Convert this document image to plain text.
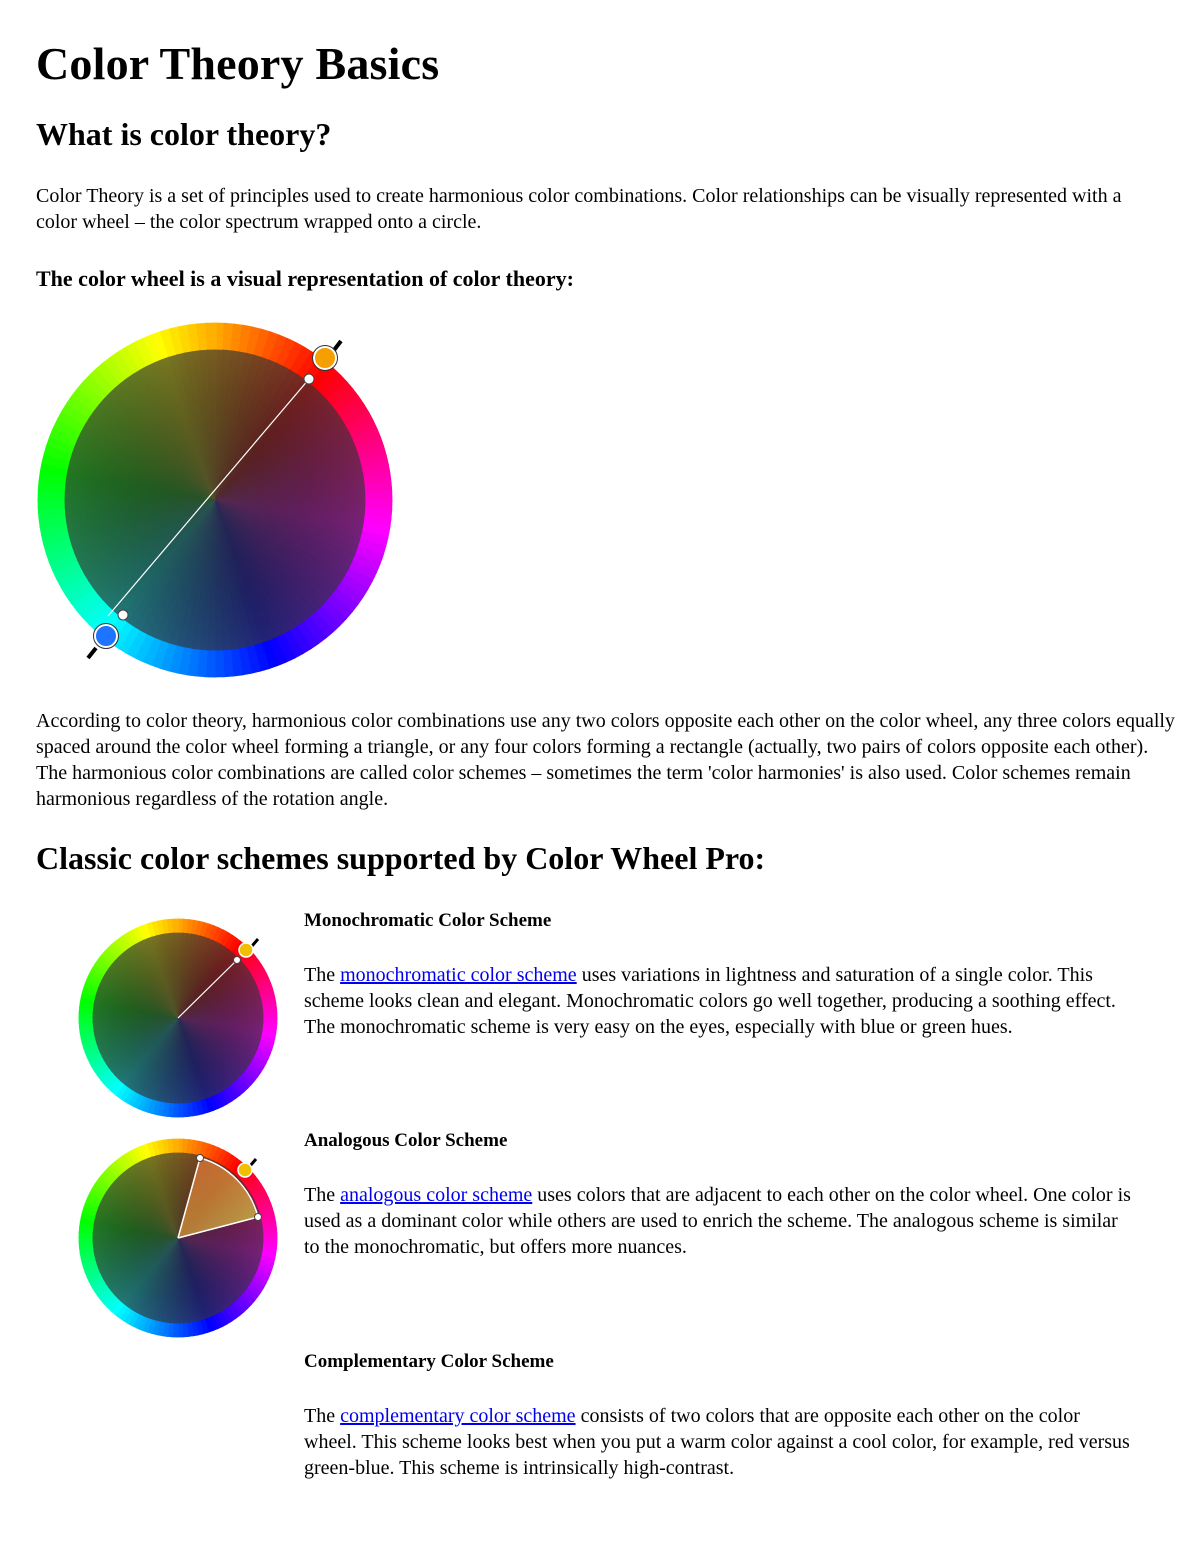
Color Theory Basics
What is color theory?

Color Theory is a set of principles used to create harmonious color combinations. Color relationships can be visually represented with a color wheel – the color spectrum wrapped onto a circle.

The color wheel is a visual representation of color theory:

According to color theory, harmonious color combinations use any two colors opposite each other on the color wheel, any three colors equally spaced around the color wheel forming a triangle, or any four colors forming a rectangle (actually, two pairs of colors opposite each other). The harmonious color combinations are called color schemes – sometimes the term 'color harmonies' is also used. Color schemes remain harmonious regardless of the rotation angle.

Classic color schemes supported by Color Wheel Pro:
Monochromatic Color Scheme

The monochromatic color scheme uses variations in lightness and saturation of a single color. This scheme looks clean and elegant. Monochromatic colors go well together, producing a soothing effect. The monochromatic scheme is very easy on the eyes, especially with blue or green hues.

Analogous Color Scheme

The analogous color scheme uses colors that are adjacent to each other on the color wheel. One color is used as a dominant color while others are used to enrich the scheme. The analogous scheme is similar to the monochromatic, but offers more nuances.

Complementary Color Scheme

The complementary color scheme consists of two colors that are opposite each other on the color wheel. This scheme looks best when you put a warm color against a cool color, for example, red versus green-blue. This scheme is intrinsically high-contrast.
